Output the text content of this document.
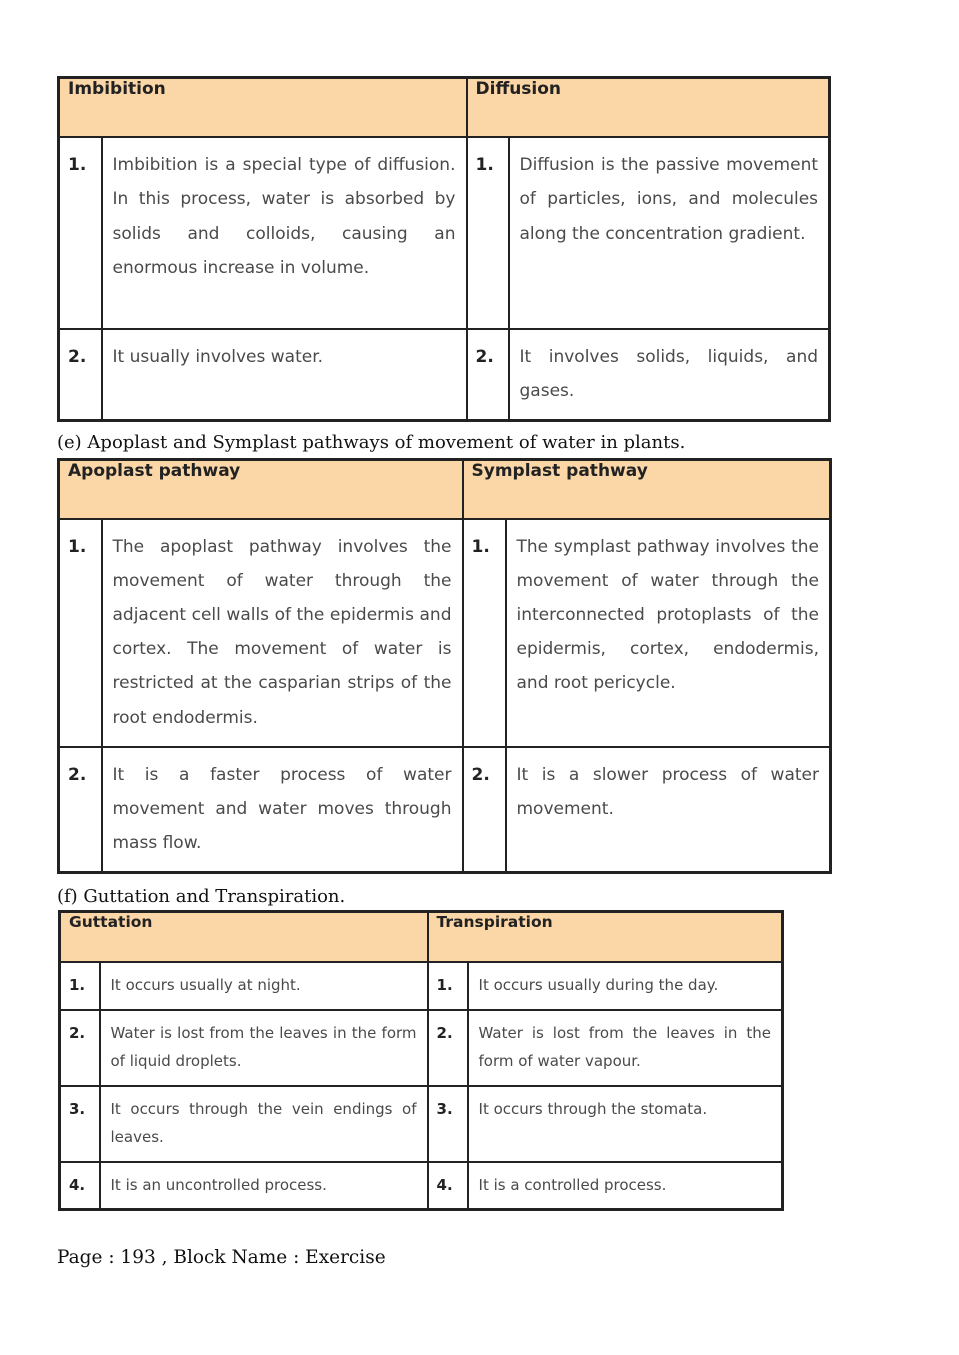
Imbibition		Diffusion	
1.	Imbibition is a special type of diffusion. In this process, water is absorbed by solids and colloids, causing an enormous increase in volume.	1.	Diffusion is the passive movement of particles, ions, and molecules along the concentration gradient.
2.	It usually involves water.	2.	It involves solids, liquids, and gases.

(e) Apoplast and Symplast pathways of movement of water in plants.

Apoplast pathway		Symplast pathway	
1.	The apoplast pathway involves the movement of water through the adjacent cell walls of the epidermis and cortex. The movement of water is restricted at the casparian strips of the root endodermis.	1.	The symplast pathway involves the movement of water through the interconnected protoplasts of the epidermis, cortex, endodermis, and root pericycle.
2.	It is a faster process of water movement and water moves through mass flow.	2.	It is a slower process of water movement.

(f) Guttation and Transpiration.

Guttation		Transpiration	
1.	It occurs usually at night.	1.	It occurs usually during the day.
2.	Water is lost from the leaves in the form of liquid droplets.	2.	Water is lost from the leaves in the form of water vapour.
3.	It occurs through the vein endings of leaves.	3.	It occurs through the stomata.
4.	It is an uncontrolled process.	4.	It is a controlled process.

Page : 193 , Block Name : Exercise
